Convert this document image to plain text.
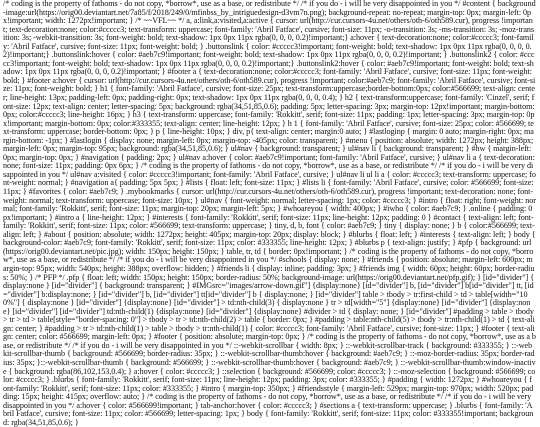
/* coding is the property of fathoms - do not copy, *borrow*, use as a base, or redistribute */ /* if you do - i will be very disappointed in you */ #content { background-image:url(https://orig00.deviantart.net/7a85/f/2018/249/0/mfinbss_by_intriguedesign-d3vm7n.png); background-repeat: no-repeat; margin-top: 0px; margin-left: 0px!important; width: 1272px!important; } /* ~~VFL~~ */ a, a:link,a:visited,a:active { cursor: url(http://cur.cursors-4u.net/others/oth-6/oth589.cur), progress !important; text-decoration:none; color:#ccccc3; text-transform: uppercase; font-family: 'Abril Fatface', cursive; font-size: 11px; -o-transition: 3s; -ms-transition: 3s; -moz-transition: 3s; -webkit-transition: 3s; font-weight: bold; text-shadow: 1px 0px 11px rgba(0, 0, 0, 0.2)!important;} a:hover { text-decoration:none; color:#ccccc3; font-family: 'Abril Fatface', cursive; font-size: 11px; font-weight: bold; } .buttonslink { color: #ccccc3!important; font-weight: bold; text-shadow: 1px 0px 11px rgba(0, 0, 0, 0.2)!important;} .buttonslink:hover { color: #aeb7c9!important; font-weight: bold; text-shadow: 1px 0px 11px rgba(0, 0, 0, 0.2)!important; } .buttonslink2 { color: #ccccc3!important; font-weight: bold; text-shadow: 1px 0px 11px rgba(0, 0, 0, 0.2)!important;} .buttonslink2:hover { color: #aeb7c9!important; font-weight: bold; text-shadow: 1px 0px 11px rgba(0, 0, 0, 0.2)!important; } #footer a { text-decoration:none; color:#ccccc3; font-family: 'Abril Fatface', cursive; font-size: 11px; font-weight: bold; } #footer a:hover { cursor: url(http://cur.cursors-4u.net/others/oth-6/oth589.cur), progress !important; color:#aeb7c9; font-family: 'Abril Fatface', cursive; font-size: 11px; font-weight: bold; } h1 { font-family: 'Abril Fatface', cursive; font-size: 25px; text-transform:uppercase;border-bottom:0px; color:#566699; text-align: center; line-height: 13px; padding-left: 0px; padding-right: 0px; text-shadow: 1px 0px 11px rgba(0, 0, 0, 0.4); } h2 { text-transform:uppercase; font-family: 'Cinzel', serif; font-size: 12px; text-align: center; letter-spacing: 5px; background: rgba(34,51,85,0.6); padding: 5px; letter-spacing: 3px; margin-top: 12px!important; margin-bottom: 0px; color:#ccccc3; line-height: 16px; } h3 { text-transform: uppercase; font-family: 'Rokkitt', serif; font-size: 11px; padding: 1px; letter-spacing: 3px; margin-top: 0px!important; margin-bottom: 0px; color:#333355; text-align: center; line-height: 12px; } h 1 { font-family: 'Abril Fatface', cursive; font-size: 25px; color: #566699; text-transform: uppercase; border-bottom: 0px; } p { line-height: 10px; } div, p{ text-align: center; margin:0 auto; } #lastloginp { margin: 0 auto; margin-right: 0px; margin-bottom: -1px; } #lastlogin { display: none; margin-left: 0px; margin-top: -405px; color: transparent; } #menu { position: absolute; width: 1272px; height: 388px; margin-left: 0px; margin-top: 95px; background: rgba(34,51,85,0.6); } ul#nav { background: transparent; } ul#nav li { background: transparent; } #hw { margin-left: 0px; margin-top: 0px; } #navigation { padding: 2px; } ul#nav a:hover { color: #aeb7c9!important; font-family: 'Abril Fatface', cursive; } ul#nav li a { text-decoration: none; font-size: 11px; padding: 0px 6px; } /* coding is the property of fathoms - do not copy, *borrow*, use as a base, or redistribute */ /* if you do - i will be very disappointed in you */ ul#nav a:visited { color: #ccccc3!important; font-family: 'Abril Fatface', cursive; } ul#nav li ul li a { color: #ccccc3; text-transform: uppercase; font-weight: normal; } #navigation a{ padding: 5px 5px; } #lists { float: left; font-size: 11px; } #lists li { font-family: 'Abril Fatface', cursive; color: #566699; font-size: 11px; } #favorites { color: #aeb7c9; } .mybookmarks { cursor: url(http://cur.cursors-4u.net/others/oth-6/oth589.cur), progress !important; text-decoration: none; font-weight: normal; text-transform: uppercase; font-size: 10px; } ul#nav { font-weight: normal; letter-spacing: 1px; color: #ccccc3; } #intro { float: right; font-weight: normal; font-family: 'Rokkitt', serif; font-size: 11px; margin-top: 20px; margin-left: 5px; } #whoareyou { width: 400px; } #iwho { color: #aeb7c9; } .online { padding: 0px!important; } #intro a { line-height: 12px; } #interests { font-family: 'Rokkitt', serif; font-size: 11px; line-height: 12px; padding: 0 } #contact { text-align: left; font-family: 'Rokkitt', serif; font-size: 11px; color: #566699; text-transform: uppercase; } tiny, d, b, font { color: #aeb7c9; } tiny { display: none; } b { color:#566699; text-align: left; } #about { position: absolute; width: 1272px; height: 405px; margin-top: 20px; display: block; } #blurbs { float: left; } #interests { text-align: left; } body { background-color: #aeb7c9; font-family: 'Rokkitt', serif; font-size: 11px; color: #333355; line-height: 12px; } #blurbs p { text-align: justify; } #pfp { background: url(https://orig00.deviantart.net/pic.jpg); width: 150px; height: 150px; } table, tr, td { border: 0px!important; } /* coding is the property of fathoms - do not copy, *borrow*, use as a base, or redistribute */ /* if you do - i will be very disappointed in you */ #schools { display: none; } #friends { position: absolute; margin-left: 600px; margin-top: 95px; width: 540px; height: 388px; overflow: hidden; } #friends li { display: inline; padding: 3px; } #friends img { width: 60px; height: 60px; border-radius: 50%; } /* PFP */ .pfp { float: left; width: 150px; height: 150px; border-radius: 50%; background-image: url(https://orig00.deviantart.net/pfp.gif); } [id="divider"] { display:none } [id="divider"] { background: transparent; } #IMGsrc="images/arrow-down.gif"] {display:none} [id="divider"] b, [id="divider"] b[id="divider"] tt, [id="divider"] b:display:none; } [id="divider"] b, [id="divider"] tt[id="divider"] b { display:none; } [id="divider"] table > tbody > tr:first-child > td > table[width="100%"] { display:none } [id="divider"] {display:none} [id="divider"] > td:nth-child(3) { display:none } tr > td[width="5"] {display:none} [id="divider"] {display:none} [id="divider"] [id="divider"] td:nth-child(1) {display:none} [id="divider"] {display:none} #divider > td { display: none; } [id="divider"] #padding > table > tbody > tr > td > table[style="border-spacing: 0"] > tbody > tr > td:nth-child(2) > table { border: 0px; } #padding > table:nth-child(5) > tbody > tr:nth-child(1) > td { text-align: center; } #padding > tr > td:nth-child(1) > table > tbody > tr:nth-child(1) { color: #ccccc3; font-family: 'Abril Fatface', cursive; font-size: 11px; } #footer { text-align: center; color: #566699; margin-left: 0px; } #footer { position: absolute; margin-top: 0px; } /* coding is the property of fathoms - do not copy, *borrow*, use as a base, or redistribute */ /* if you do - i will be very disappointed in you */ ::-webkit-scrollbar { width: 8px; } ::-webkit-scrollbar-track { background: #333355; } ::-webkit-scrollbar-thumb { background: #566699; border-radius: 35px; } ::-webkit-scrollbar-thumb:hover { background: #aeb7c9; } ::-moz-border-radius: 35px; border-radius: 35px; }::-webkit-scrollbar-thumb { background: #566699; } ::-webkit-scrollbar-thumb:hover { background: #aeb7c9; } ::-webkit-scrollbar-thumb:window-inactive { background: rgba(86,102,153,0.4); } a:hover { color: #ccccc3; } ::selection { background: #566699; color: #ccccc3; } ::-moz-selection { background: #566699; color: #ccccc3; } .blurbs { font-family: 'Rokkitt', serif; font-size: 11px; line-height: 12px; padding: 3px; color: #333355; } #padding { width: 1272px; } #whoareyou { font-family: 'Rokkitt', serif; font-size: 11px; color: #333355; } #intro { margin-top: 350px; } #friendsstyle { margin-left: 529px; margin-top: 970px; width: 520px; padding: 15px; height: 415px; overflow: auto; } /* coding is the property of fathoms - do not copy, *borrow*, use as a base, or redistribute */ /* if you do - i will be very disappointed in you */ a:hover { color: #566699!important; } tab-anchor:hover { color: #ccccc3; } #sections a { text-transform: uppercase; } .blurbs { font-family: 'Abril Fatface', cursive; font-size: 11px; color: #566699; letter-spacing: 1px; } body { font-family: 'Rokkitt', serif; font-size: 11px; color: #333355!important; background: rgba(34,51,85,0.6); }
